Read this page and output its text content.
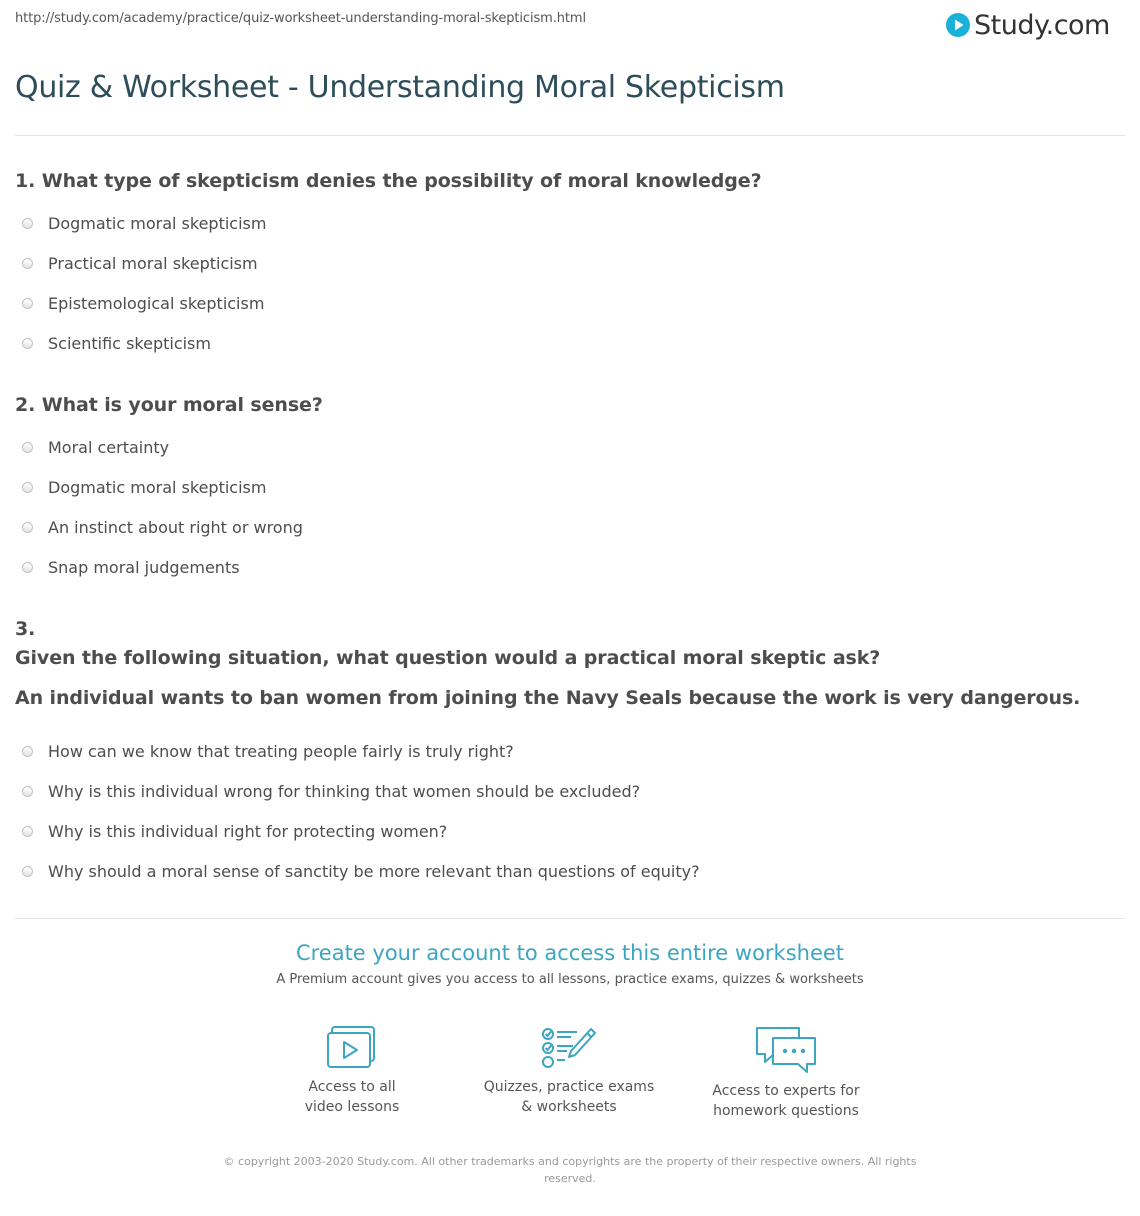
http://study.com/academy/practice/quiz-worksheet-understanding-moral-skepticism.html	Study.com
Quiz & Worksheet - Understanding Moral Skepticism

1. What type of skepticism denies the possibility of moral knowledge?

Dogmatic moral skepticism
Practical moral skepticism
Epistemological skepticism
Scientific skepticism

2. What is your moral sense?

Moral certainty
Dogmatic moral skepticism
An instinct about right or wrong
Snap moral judgements

3.

Given the following situation, what question would a practical moral skeptic ask?

An individual wants to ban women from joining the Navy Seals because the work is very dangerous.

How can we know that treating people fairly is truly right?
Why is this individual wrong for thinking that women should be excluded?
Why is this individual right for protecting women?
Why should a moral sense of sanctity be more relevant than questions of equity?
Create your account to access this entire worksheet
A Premium account gives you access to all lessons, practice exams, quizzes & worksheets
Access to all
video lessons
Quizzes, practice exams
& worksheets
Access to experts for
homework questions
© copyright 2003-2020 Study.com. All other trademarks and copyrights are the property of their respective owners. All rights reserved.
